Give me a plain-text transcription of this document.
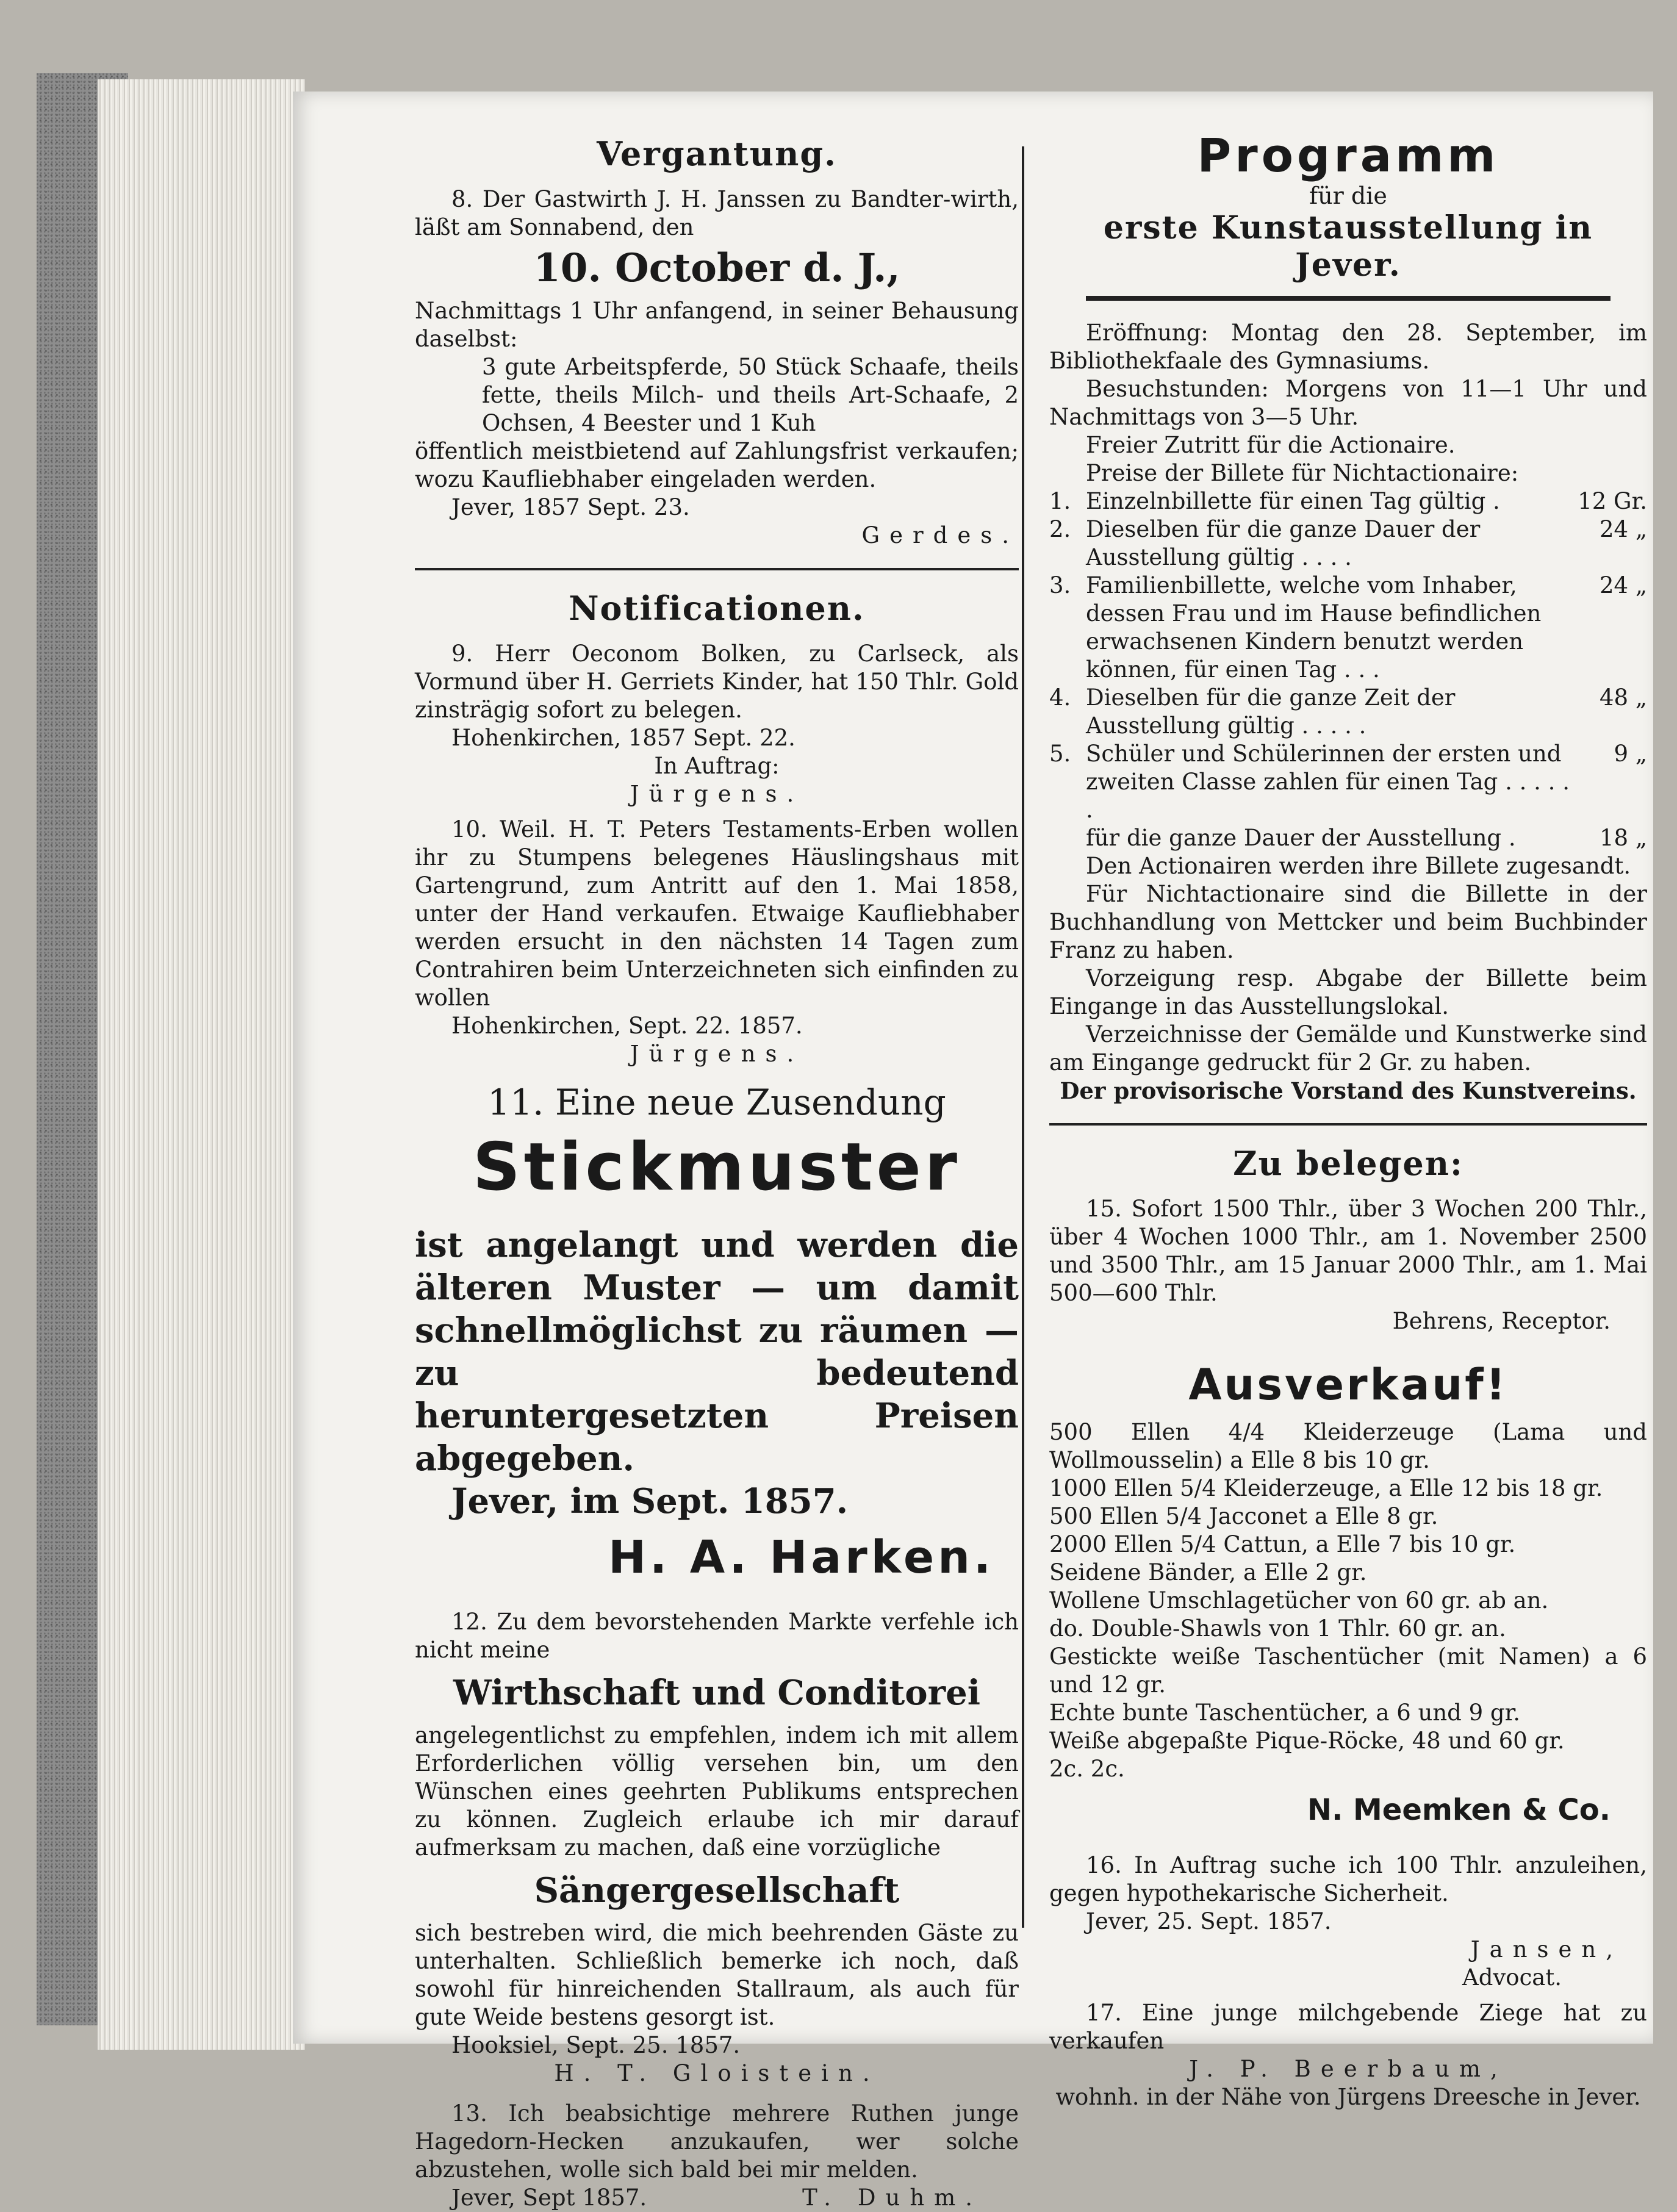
Vergantung.

8. Der Gastwirth J. H. Janssen zu Bandter-wirth, läßt am Sonnabend, den

10. October d. J.,

Nachmittags 1 Uhr anfangend, in seiner Behausung daselbst:

3 gute Arbeitspferde, 50 Stück Schaafe, theils fette, theils Milch- und theils Art-Schaafe, 2 Ochsen, 4 Beester und 1 Kuh

öffentlich meistbietend auf Zahlungsfrist verkaufen; wozu Kaufliebhaber eingeladen werden.

Jever, 1857 Sept. 23.

Gerdes.

Notificationen.

9. Herr Oeconom Bolken, zu Carlseck, als Vormund über H. Gerriets Kinder, hat 150 Thlr. Gold zinsträgig sofort zu belegen.

Hohenkirchen, 1857 Sept. 22.

In Auftrag:

Jürgens.

10. Weil. H. T. Peters Testaments-Erben wollen ihr zu Stumpens belegenes Häuslingshaus mit Gartengrund, zum Antritt auf den 1. Mai 1858, unter der Hand verkaufen. Etwaige Kaufliebhaber werden ersucht in den nächsten 14 Tagen zum Contrahiren beim Unterzeichneten sich einfinden zu wollen

Hohenkirchen, Sept. 22. 1857.

Jürgens.

11. Eine neue Zusendung
Stickmuster

ist angelangt und werden die älteren Muster — um damit schnellmöglichst zu räumen — zu bedeutend heruntergesetzten Preisen abgegeben.

Jever, im Sept. 1857.

H. A. Harken.

12. Zu dem bevorstehenden Markte verfehle ich nicht meine

Wirthschaft und Conditorei

angelegentlichst zu empfehlen, indem ich mit allem Erforderlichen völlig versehen bin, um den Wünschen eines geehrten Publikums entsprechen zu können. Zugleich erlaube ich mir darauf aufmerksam zu machen, daß eine vorzügliche

Sängergesellschaft

sich bestreben wird, die mich beehrenden Gäste zu unterhalten. Schließlich bemerke ich noch, daß sowohl für hinreichenden Stallraum, als auch für gute Weide bestens gesorgt ist.

Hooksiel, Sept. 25. 1857.

H. T. Gloistein.

13. Ich beabsichtige mehrere Ruthen junge Hagedorn-Hecken anzukaufen, wer solche abzustehen, wolle sich bald bei mir melden.

Jever, Sept 1857.	T. Duhm.
Programm
für die
erste Kunstausstellung in Jever.

Eröffnung: Montag den 28. September, im Bibliothekfaale des Gymnasiums.

Besuchstunden: Morgens von 11—1 Uhr und Nachmittags von 3—5 Uhr.

Freier Zutritt für die Actionaire.

Preise der Billete für Nichtactionaire:

1. Einzelnbillette für einen Tag gültig .	12 Gr.
2. Dieselben für die ganze Dauer der Ausstellung gültig . . . .
24 „
3. Familienbillette, welche vom Inhaber, dessen Frau und im Hause befindlichen erwachsenen Kindern benutzt werden können, für einen Tag . . .
24 „
4. Dieselben für die ganze Zeit der Ausstellung gültig . . . . .
48 „
5. Schüler und Schülerinnen der ersten und zweiten Classe zahlen für einen Tag . . . . . .
9 „
für die ganze Dauer der Ausstellung .	18 „

Den Actionairen werden ihre Billete zugesandt.

Für Nichtactionaire sind die Billette in der Buchhandlung von Mettcker und beim Buchbinder Franz zu haben.

Vorzeigung resp. Abgabe der Billette beim Eingange in das Ausstellungslokal.

Verzeichnisse der Gemälde und Kunstwerke sind am Eingange gedruckt für 2 Gr. zu haben.

Der provisorische Vorstand des Kunstvereins.

Zu belegen:

15. Sofort 1500 Thlr., über 3 Wochen 200 Thlr., über 4 Wochen 1000 Thlr., am 1. November 2500 und 3500 Thlr., am 15 Januar 2000 Thlr., am 1. Mai 500—600 Thlr.

Behrens, Receptor.

Ausverkauf!

500 Ellen 4/4 Kleiderzeuge (Lama und Wollmousselin) a Elle 8 bis 10 gr.

1000 Ellen 5/4 Kleiderzeuge, a Elle 12 bis 18 gr.

500 Ellen 5/4 Jacconet a Elle 8 gr.

2000 Ellen 5/4 Cattun, a Elle 7 bis 10 gr.

Seidene Bänder, a Elle 2 gr.

Wollene Umschlagetücher von 60 gr. ab an.

do. Double-Shawls von 1 Thlr. 60 gr. an.

Gestickte weiße Taschentücher (mit Namen) a 6 und 12 gr.

Echte bunte Taschentücher, a 6 und 9 gr.

Weiße abgepaßte Pique-Röcke, 48 und 60 gr.

2c. 2c.

N. Meemken & Co.

16. In Auftrag suche ich 100 Thlr. anzuleihen, gegen hypothekarische Sicherheit.

Jever, 25. Sept. 1857.

Jansen,

Advocat.

17. Eine junge milchgebende Ziege hat zu verkaufen

J. P. Beerbaum,

wohnh. in der Nähe von Jürgens Dreesche in Jever.
